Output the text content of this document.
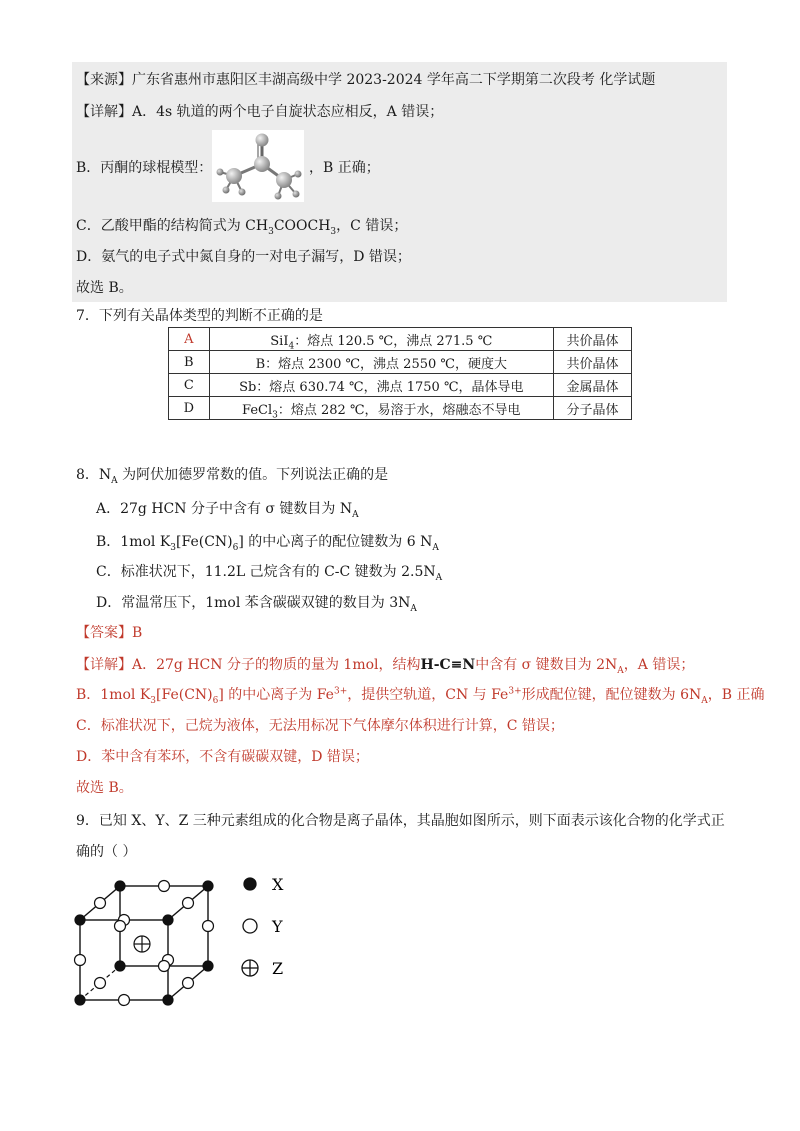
【来源】广东省惠州市惠阳区丰湖高级中学 2023-2024 学年高二下学期第二次段考 化学试题
【详解】A．4s 轨道的两个电子自旋状态应相反，A 错误；
B．丙酮的球棍模型：	，B 正确；
C．乙酸甲酯的结构简式为 $CH_3COOCH_3$，C 错误；
D．氨气的电子式中氮自身的一对电子漏写，D 错误；
故选 B。
7．下列有关晶体类型的判断不正确的是
A	SiI$_4$：熔点 120.5 ℃，沸点 271.5 ℃	共价晶体
B	B：熔点 2300 ℃，沸点 2550 ℃，硬度大	共价晶体
C	Sb：熔点 630.74 ℃，沸点 1750 ℃，晶体导电	金属晶体
D	FeCl$_3$：熔点 282 ℃，易溶于水，熔融态不导电	分子晶体
8．$N_A$ 为阿伏加德罗常数的值。下列说法正确的是
A．27g HCN 分子中含有 σ 键数目为 $N_A$
B．1mol $K_3[Fe(CN)_6]$ 的中心离子的配位键数为 6 $N_A$
C．标准状况下，11.2L 己烷含有的 C-C 键数为 $2.5N_A$
D．常温常压下，1mol 苯含碳碳双键的数目为 $3N_A$
【答案】B
【详解】A．27g HCN 分子的物质的量为 1mol，结构H-C≡N中含有 σ 键数目为 $2N_A$，A 错误；
B．1mol $K_3[Fe(CN)_6]$ 的中心离子为 $Fe^{3+}$，提供空轨道，CN 与 $Fe^{3+}$形成配位键，配位键数为 $6N_A$，B 正确
C．标准状况下，己烷为液体，无法用标况下气体摩尔体积进行计算，C 错误；
D．苯中含有苯环，不含有碳碳双键，D 错误；
故选 B。
9．已知 X、Y、Z 三种元素组成的化合物是离子晶体，其晶胞如图所示，则下面表示该化合物的化学式正
确的（ ）
X
Y
Z
